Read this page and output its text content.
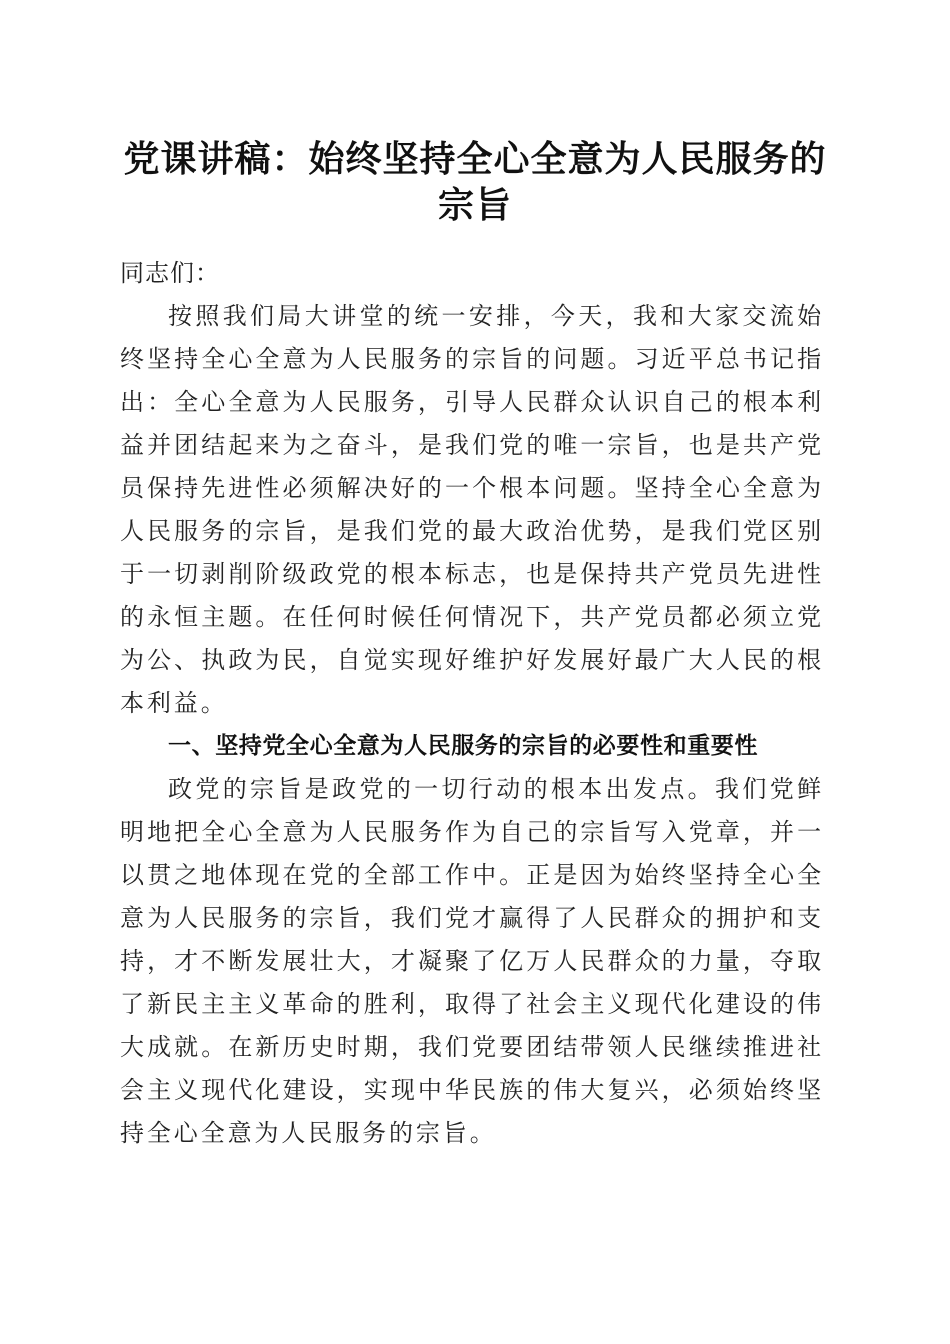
党课讲稿：始终坚持全心全意为人民服务的宗旨

同志们：

按照我们局大讲堂的统一安排，今天，我和大家交流始终坚持全心全意为人民服务的宗旨的问题。习近平总书记指出：全心全意为人民服务，引导人民群众认识自己的根本利益并团结起来为之奋斗，是我们党的唯一宗旨，也是共产党员保持先进性必须解决好的一个根本问题。坚持全心全意为人民服务的宗旨，是我们党的最大政治优势，是我们党区别于一切剥削阶级政党的根本标志，也是保持共产党员先进性的永恒主题。在任何时候任何情况下，共产党员都必须立党为公、执政为民，自觉实现好维护好发展好最广大人民的根本利益。

一、坚持党全心全意为人民服务的宗旨的必要性和重要性

政党的宗旨是政党的一切行动的根本出发点。我们党鲜明地把全心全意为人民服务作为自己的宗旨写入党章，并一以贯之地体现在党的全部工作中。正是因为始终坚持全心全意为人民服务的宗旨，我们党才赢得了人民群众的拥护和支持，才不断发展壮大，才凝聚了亿万人民群众的力量，夺取了新民主主义革命的胜利，取得了社会主义现代化建设的伟大成就。在新历史时期，我们党要团结带领人民继续推进社会主义现代化建设，实现中华民族的伟大复兴，必须始终坚持全心全意为人民服务的宗旨。
